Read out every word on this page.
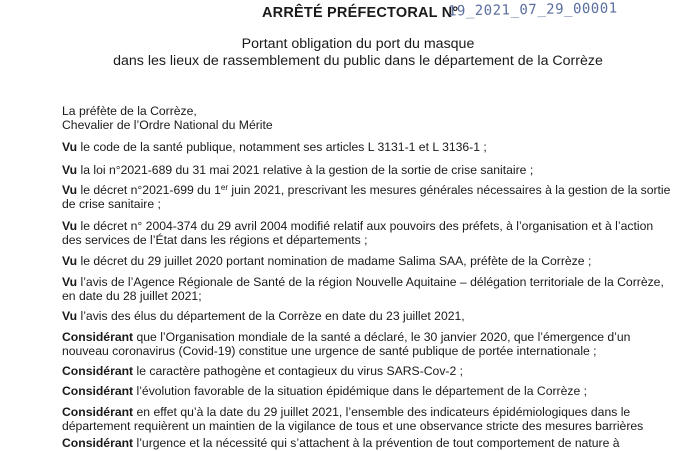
ARRÊTÉ PRÉFECTORAL N°
19_2021_07_29_00001
Portant obligation du port du masque
dans les lieux de rassemblement du public dans le département de la Corrèze
La préfète de la Corrèze,
Chevalier de l’Ordre National du Mérite
Vu le code de la santé publique, notamment ses articles L 3131-1 et L 3136-1 ;
Vu la loi n°2021-689 du 31 mai 2021 relative à la gestion de la sortie de crise sanitaire ;
Vu le décret n°2021-699 du 1er juin 2021, prescrivant les mesures générales nécessaires à la gestion de la sortie
de crise sanitaire ;
Vu le décret n° 2004-374 du 29 avril 2004 modifié relatif aux pouvoirs des préfets, à l’organisation et à l’action
des services de l’État dans les régions et départements ;
Vu le décret du 29 juillet 2020 portant nomination de madame Salima SAA, préfète de la Corrèze ;
Vu l’avis de l’Agence Régionale de Santé de la région Nouvelle Aquitaine – délégation territoriale de la Corrèze,
en date du 28 juillet 2021;
Vu l’avis des élus du département de la Corrèze en date du 23 juillet 2021,
Considérant que l’Organisation mondiale de la santé a déclaré, le 30 janvier 2020, que l’émergence d’un
nouveau coronavirus (Covid-19) constitue une urgence de santé publique de portée internationale ;
Considérant le caractère pathogène et contagieux du virus SARS-Cov-2 ;
Considérant l’évolution favorable de la situation épidémique dans le département de la Corrèze ;
Considérant en effet qu’à la date du 29 juillet 2021, l’ensemble des indicateurs épidémiologiques dans le
département requièrent un maintien de la vigilance de tous et une observance stricte des mesures barrières
Considérant l’urgence et la nécessité qui s’attachent à la prévention de tout comportement de nature à
